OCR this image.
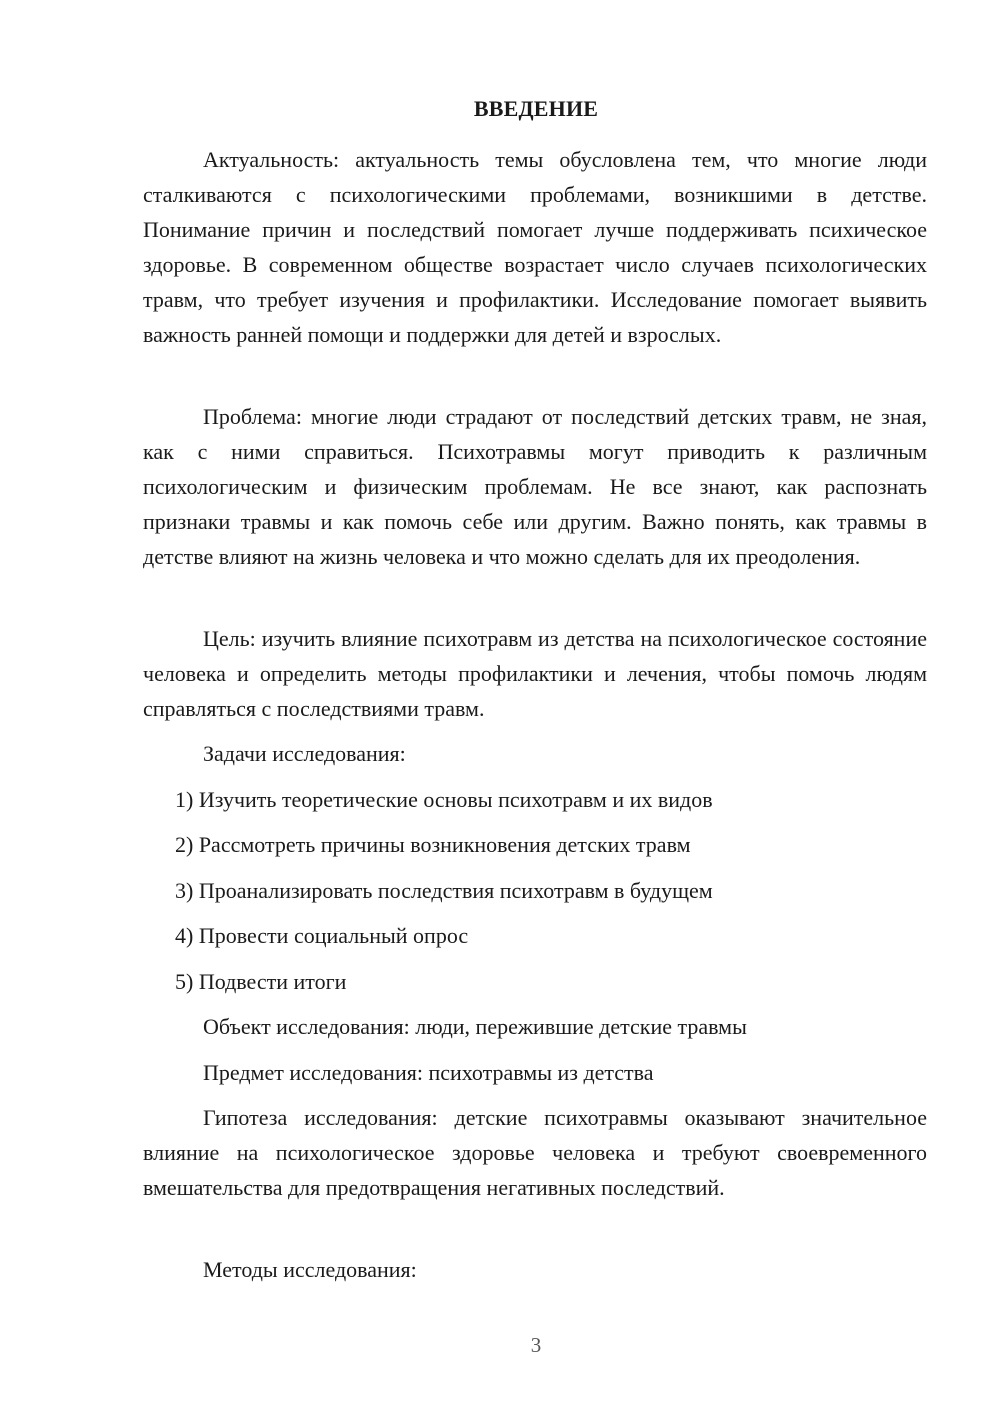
ВВЕДЕНИЕ

Актуальность: актуальность темы обусловлена тем, что многие люди сталкиваются с психологическими проблемами, возникшими в детстве. Понимание причин и последствий помогает лучше поддерживать психическое здоровье. В современном обществе возрастает число случаев психологических травм, что требует изучения и профилактики. Исследование помогает выявить важность ранней помощи и поддержки для детей и взрослых.

Проблема: многие люди страдают от последствий детских травм, не зная, как с ними справиться. Психотравмы могут приводить к различным психологическим и физическим проблемам. Не все знают, как распознать признаки травмы и как помочь себе или другим. Важно понять, как травмы в детстве влияют на жизнь человека и что можно сделать для их преодоления.

Цель: изучить влияние психотравм из детства на психологическое состояние человека и определить методы профилактики и лечения, чтобы помочь людям справляться с последствиями травм.

Задачи исследования:
1) Изучить теоретические основы психотравм и их видов
2) Рассмотреть причины возникновения детских травм
3) Проанализировать последствия психотравм в будущем
4) Провести социальный опрос
5) Подвести итоги
Объект исследования: люди, пережившие детские травмы
Предмет исследования: психотравмы из детства

Гипотеза исследования: детские психотравмы оказывают значительное влияние на психологическое здоровье человека и требуют своевременного вмешательства для предотвращения негативных последствий.

Методы исследования:
3
